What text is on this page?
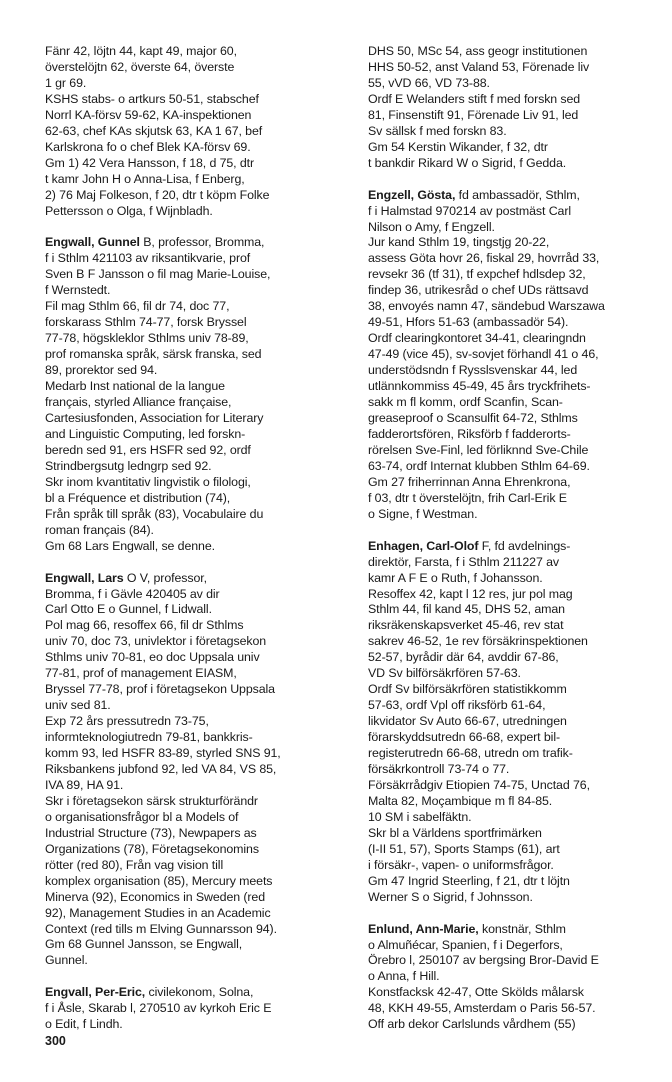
Fänr 42, löjtn 44, kapt 49, major 60,
överstelöjtn 62, överste 64, överste
1 gr 69.
KSHS stabs- o artkurs 50-51, stabschef
Norrl KA-försv 59-62, KA-inspektionen
62-63, chef KAs skjutsk 63, KA 1 67, bef
Karlskrona fo o chef Blek KA-försv 69.
Gm 1) 42 Vera Hansson, f 18, d 75, dtr
t kamr John H o Anna-Lisa, f Enberg,
2) 76 Maj Folkeson, f 20, dtr t köpm Folke
Pettersson o Olga, f Wijnbladh.
Engwall, Gunnel B, professor, Bromma,
f i Sthlm 421103 av riksantikvarie, prof
Sven B F Jansson o fil mag Marie-Louise,
f Wernstedt.
Fil mag Sthlm 66, fil dr 74, doc 77,
forskarass Sthlm 74-77, forsk Bryssel
77-78, högskleklor Sthlms univ 78-89,
prof romanska språk, särsk franska, sed
89, prorektor sed 94.
Medarb Inst national de la langue
français, styrled Alliance française,
Cartesiusfonden, Association for Literary
and Linguistic Computing, led forskn-
beredn sed 91, ers HSFR sed 92, ordf
Strindbergsutg ledngrp sed 92.
Skr inom kvantitativ lingvistik o filologi,
bl a Fréquence et distribution (74),
Från språk till språk (83), Vocabulaire du
roman français (84).
Gm 68 Lars Engwall, se denne.
Engwall, Lars O V, professor,
Bromma, f i Gävle 420405 av dir
Carl Otto E o Gunnel, f Lidwall.
Pol mag 66, resoffex 66, fil dr Sthlms
univ 70, doc 73, univlektor i företagsekon
Sthlms univ 70-81, eo doc Uppsala univ
77-81, prof of management EIASM,
Bryssel 77-78, prof i företagsekon Uppsala
univ sed 81.
Exp 72 års pressutredn 73-75,
informteknologiutredn 79-81, bankkris-
komm 93, led HSFR 83-89, styrled SNS 91,
Riksbankens jubfond 92, led VA 84, VS 85,
IVA 89, HA 91.
Skr i företagsekon särsk strukturförändr
o organisationsfrågor bl a Models of
Industrial Structure (73), Newpapers as
Organizations (78), Företagsekonomins
rötter (red 80), Från vag vision till
komplex organisation (85), Mercury meets
Minerva (92), Economics in Sweden (red
92), Management Studies in an Academic
Context (red tills m Elving Gunnarsson 94).
Gm 68 Gunnel Jansson, se Engwall,
Gunnel.
Engvall, Per-Eric, civilekonom, Solna,
f i Åsle, Skarab l, 270510 av kyrkoh Eric E
o Edit, f Lindh.
DHS 50, MSc 54, ass geogr institutionen
HHS 50-52, anst Valand 53, Förenade liv
55, vVD 66, VD 73-88.
Ordf E Welanders stift f med forskn sed
81, Finsenstift 91, Förenade Liv 91, led
Sv sällsk f med forskn 83.
Gm 54 Kerstin Wikander, f 32, dtr
t bankdir Rikard W o Sigrid, f Gedda.
Engzell, Gösta, fd ambassadör, Sthlm,
f i Halmstad 970214 av postmäst Carl
Nilson o Amy, f Engzell.
Jur kand Sthlm 19, tingstjg 20-22,
assess Göta hovr 26, fiskal 29, hovrråd 33,
revsekr 36 (tf 31), tf expchef hdlsdep 32,
findep 36, utrikesråd o chef UDs rättsavd
38, envoyés namn 47, sändebud Warszawa
49-51, Hfors 51-63 (ambassadör 54).
Ordf clearingkontoret 34-41, clearingndn
47-49 (vice 45), sv-sovjet förhandl 41 o 46,
understödsndn f Rysslsvenskar 44, led
utlännkommiss 45-49, 45 års tryckfrihets-
sakk m fl komm, ordf Scanfin, Scan-
greaseproof o Scansulfit 64-72, Sthlms
fadderortsfören, Riksförb f fadderorts-
rörelsen Sve-Finl, led förliknnd Sve-Chile
63-74, ordf Internat klubben Sthlm 64-69.
Gm 27 friherrinnan Anna Ehrenkrona,
f 03, dtr t överstelöjtn, frih Carl-Erik E
o Signe, f Westman.
Enhagen, Carl-Olof F, fd avdelnings-
direktör, Farsta, f i Sthlm 211227 av
kamr A F E o Ruth, f Johansson.
Resoffex 42, kapt l 12 res, jur pol mag
Sthlm 44, fil kand 45, DHS 52, aman
riksräkenskapsverket 45-46, rev stat
sakrev 46-52, 1e rev försäkrinspektionen
52-57, byrådir där 64, avddir 67-86,
VD Sv bilförsäkrfören 57-63.
Ordf Sv bilförsäkrfören statistikkomm
57-63, ordf Vpl off riksförb 61-64,
likvidator Sv Auto 66-67, utredningen
förarskyddsutredn 66-68, expert bil-
registerutredn 66-68, utredn om trafik-
försäkrkontroll 73-74 o 77.
Försäkrrådgiv Etiopien 74-75, Unctad 76,
Malta 82, Moçambique m fl 84-85.
10 SM i sabelfäktn.
Skr bl a Världens sportfrimärken
(I-II 51, 57), Sports Stamps (61), art
i försäkr-, vapen- o uniformsfrågor.
Gm 47 Ingrid Steerling, f 21, dtr t löjtn
Werner S o Sigrid, f Johnsson.
Enlund, Ann-Marie, konstnär, Sthlm
o Almuñécar, Spanien, f i Degerfors,
Örebro l, 250107 av bergsing Bror-David E
o Anna, f Hill.
Konstfacksk 42-47, Otte Skölds målarsk
48, KKH 49-55, Amsterdam o Paris 56-57.
Off arb dekor Carlslunds vårdhem (55)
300
